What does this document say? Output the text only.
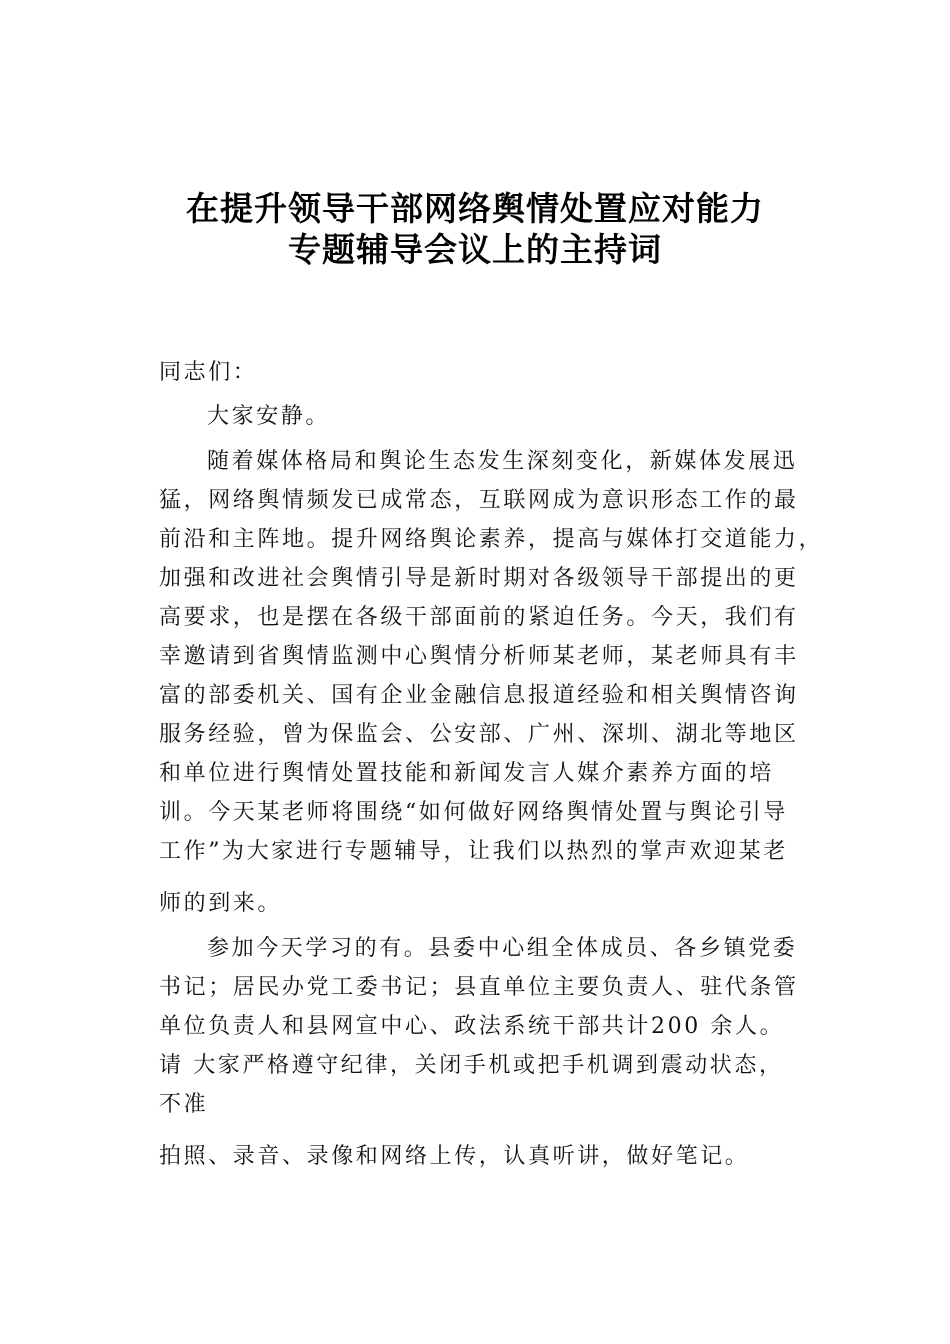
在提升领导干部网络舆情处置应对能力
专题辅导会议上的主持词
同志们：
大家安静。
随着媒体格局和舆论生态发生深刻变化，新媒体发展迅
猛，网络舆情频发已成常态，互联网成为意识形态工作的最
前沿和主阵地。提升网络舆论素养，提高与媒体打交道能力，
加强和改进社会舆情引导是新时期对各级领导干部提出的更
高要求，也是摆在各级干部面前的紧迫任务。今天，我们有
幸邀请到省舆情监测中心舆情分析师某老师，某老师具有丰
富的部委机关、国有企业金融信息报道经验和相关舆情咨询
服务经验，曾为保监会、公安部、广州、深圳、湖北等地区
和单位进行舆情处置技能和新闻发言人媒介素养方面的培
训。今天某老师将围绕“如何做好网络舆情处置与舆论引导
工作”为大家进行专题辅导，让我们以热烈的掌声欢迎某老
师的到来。
参加今天学习的有。县委中心组全体成员、各乡镇党委
书记；居民办党工委书记；县直单位主要负责人、驻代条管
单位负责人和县网宣中心、政法系统干部共计200 余人。
请 大家严格遵守纪律，关闭手机或把手机调到震动状态，
不准
拍照、录音、录像和网络上传，认真听讲，做好笔记。
